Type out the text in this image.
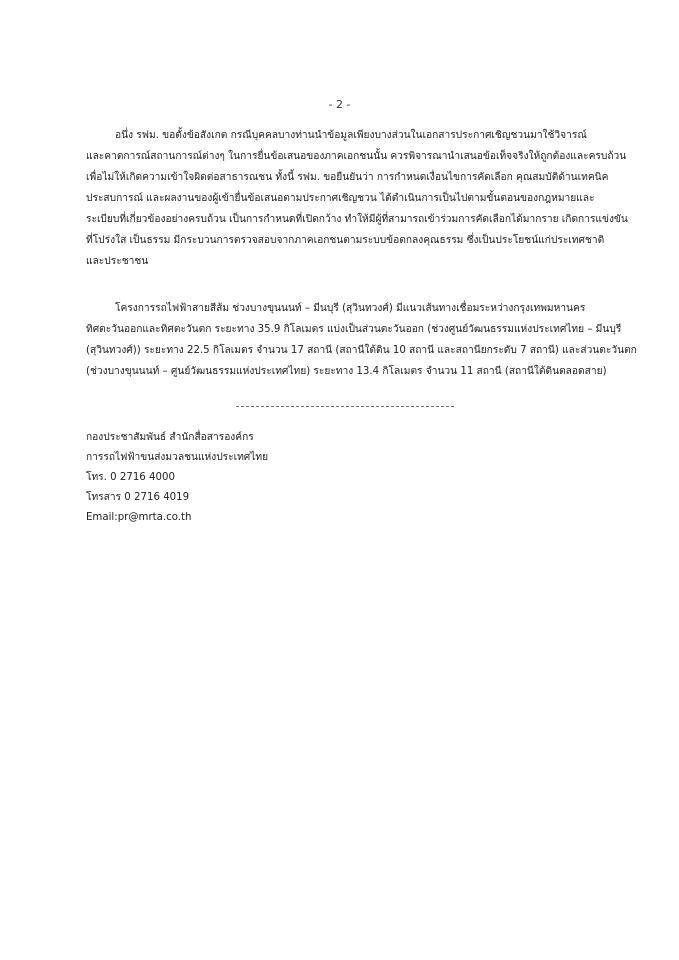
- 2 -
อนึ่ง รฟม. ขอตั้งข้อสังเกต กรณีบุคคลบางท่านนำข้อมูลเพียงบางส่วนในเอกสารประกาศเชิญชวนมาใช้วิจารณ์
และคาดการณ์สถานการณ์ต่างๆ ในการยื่นข้อเสนอของภาคเอกชนนั้น ควรพิจารณานำเสนอข้อเท็จจริงให้ถูกต้องและครบถ้วน
เพื่อไม่ให้เกิดความเข้าใจผิดต่อสาธารณชน ทั้งนี้ รฟม. ขอยืนยันว่า การกำหนดเงื่อนไขการคัดเลือก คุณสมบัติด้านเทคนิค
ประสบการณ์ และผลงานของผู้เข้ายื่นข้อเสนอตามประกาศเชิญชวน ได้ดำเนินการเป็นไปตามขั้นตอนของกฎหมายและ
ระเบียบที่เกี่ยวข้องอย่างครบถ้วน เป็นการกำหนดที่เปิดกว้าง ทำให้มีผู้ที่สามารถเข้าร่วมการคัดเลือกได้มากราย เกิดการแข่งขัน
ที่โปร่งใส เป็นธรรม มีกระบวนการตรวจสอบจากภาคเอกชนตามระบบข้อตกลงคุณธรรม ซึ่งเป็นประโยชน์แก่ประเทศชาติ
และประชาชน
โครงการรถไฟฟ้าสายสีส้ม ช่วงบางขุนนนท์ – มีนบุรี (สุวินทวงศ์) มีแนวเส้นทางเชื่อมระหว่างกรุงเทพมหานคร
ทิศตะวันออกและทิศตะวันตก ระยะทาง 35.9 กิโลเมตร แบ่งเป็นส่วนตะวันออก (ช่วงศูนย์วัฒนธรรมแห่งประเทศไทย – มีนบุรี
(สุวินทวงศ์)) ระยะทาง 22.5 กิโลเมตร จำนวน 17 สถานี (สถานีใต้ดิน 10 สถานี และสถานียกระดับ 7 สถานี) และส่วนตะวันตก
(ช่วงบางขุนนนท์ – ศูนย์วัฒนธรรมแห่งประเทศไทย) ระยะทาง 13.4 กิโลเมตร จำนวน 11 สถานี (สถานีใต้ดินตลอดสาย)
กองประชาสัมพันธ์ สำนักสื่อสารองค์กร
การรถไฟฟ้าขนส่งมวลชนแห่งประเทศไทย
โทร. 0 2716 4000
โทรสาร 0 2716 4019
Email:pr@mrta.co.th
